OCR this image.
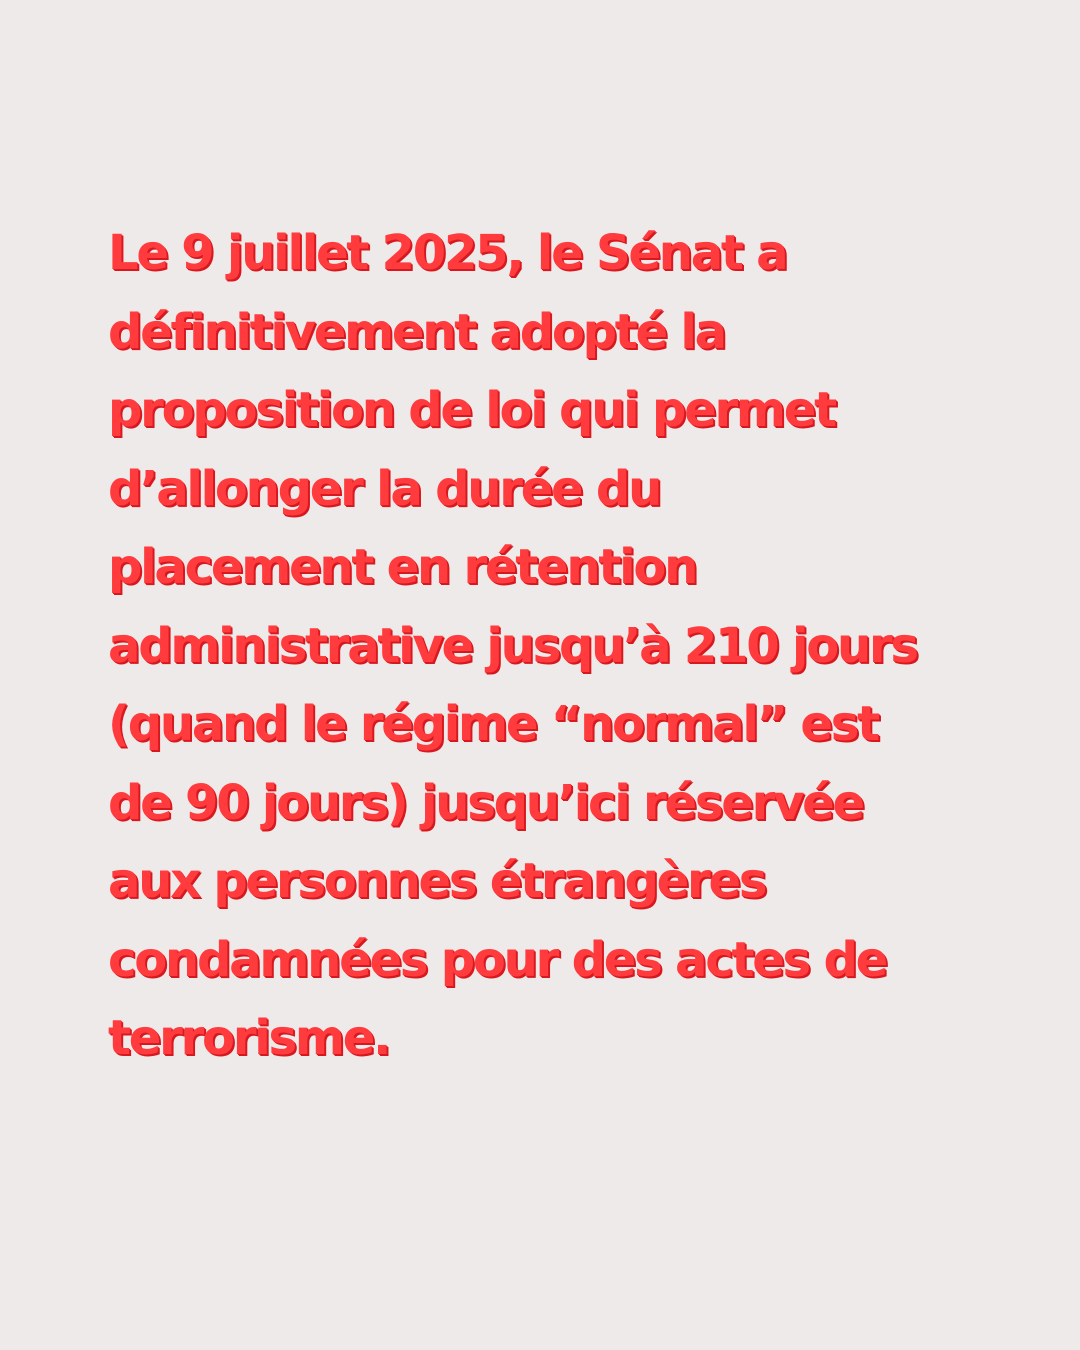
Le 9 juillet 2025, le Sénat a
définitivement adopté la
proposition de loi qui permet
d’allonger la durée du
placement en rétention
administrative jusqu’à 210 jours
(quand le régime “normal” est
de 90 jours) jusqu’ici réservée
aux personnes étrangères
condamnées pour des actes de
terrorisme.
